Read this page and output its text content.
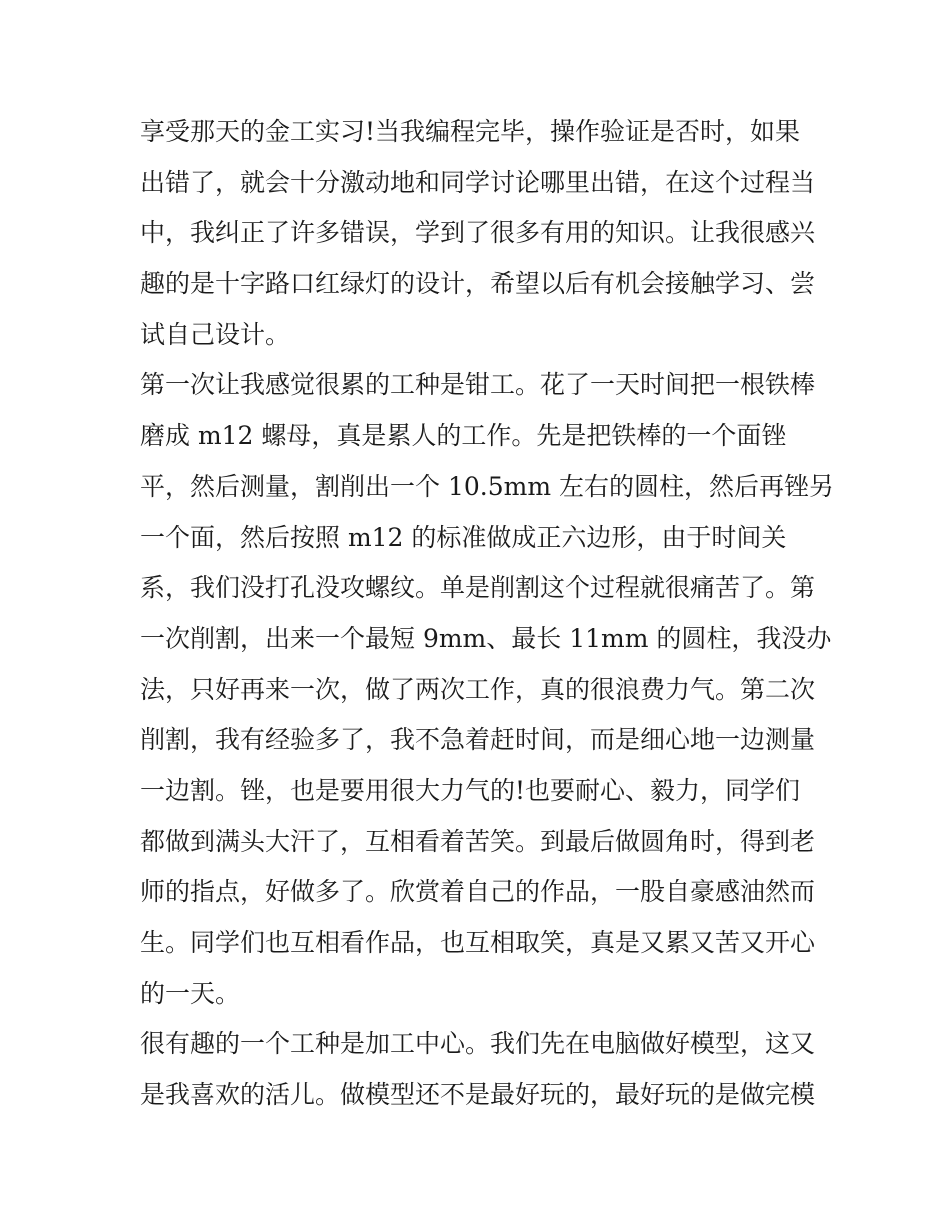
享受那天的金工实习!当我编程完毕，操作验证是否时，如果
出错了，就会十分激动地和同学讨论哪里出错，在这个过程当
中，我纠正了许多错误，学到了很多有用的知识。让我很感兴
趣的是十字路口红绿灯的设计，希望以后有机会接触学习、尝
试自己设计。
第一次让我感觉很累的工种是钳工。花了一天时间把一根铁棒
磨成 m12 螺母，真是累人的工作。先是把铁棒的一个面锉
平，然后测量，割削出一个 10.5mm 左右的圆柱，然后再锉另
一个面，然后按照 m12 的标准做成正六边形，由于时间关
系，我们没打孔没攻螺纹。单是削割这个过程就很痛苦了。第
一次削割，出来一个最短 9mm、最长 11mm 的圆柱，我没办
法，只好再来一次，做了两次工作，真的很浪费力气。第二次
削割，我有经验多了，我不急着赶时间，而是细心地一边测量
一边割。锉，也是要用很大力气的!也要耐心、毅力，同学们
都做到满头大汗了，互相看着苦笑。到最后做圆角时，得到老
师的指点，好做多了。欣赏着自己的作品，一股自豪感油然而
生。同学们也互相看作品，也互相取笑，真是又累又苦又开心
的一天。
很有趣的一个工种是加工中心。我们先在电脑做好模型，这又
是我喜欢的活儿。做模型还不是最好玩的，最好玩的是做完模
